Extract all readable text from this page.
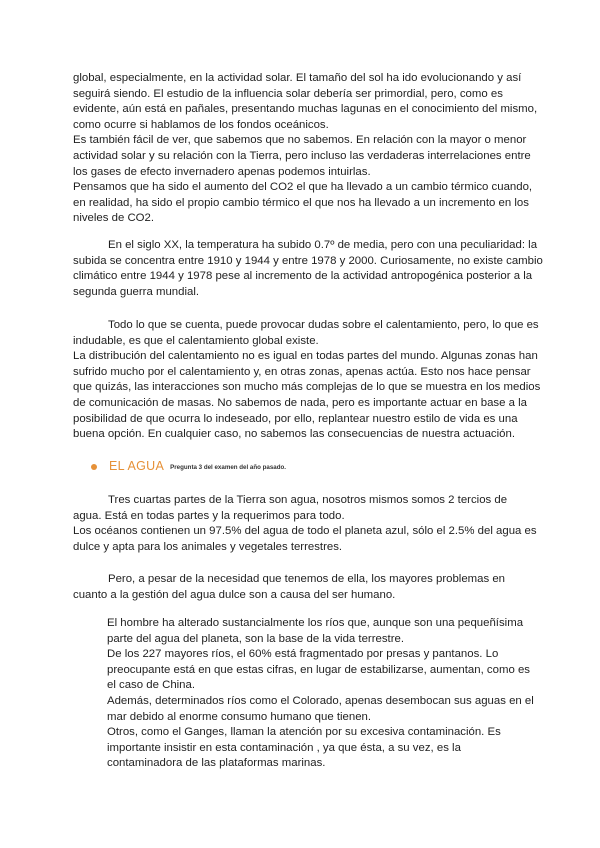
global, especialmente, en la actividad solar. El tamaño del sol ha ido evolucionando y así
seguirá siendo. El estudio de la influencia solar debería ser primordial, pero, como es
evidente, aún está en pañales, presentando muchas lagunas en el conocimiento del mismo,
como ocurre si hablamos de los fondos oceánicos.
Es también fácil de ver, que sabemos que no sabemos. En relación con la mayor o menor
actividad solar y su relación con la Tierra, pero incluso las verdaderas interrelaciones entre
los gases de efecto invernadero apenas podemos intuirlas.
Pensamos que ha sido el aumento del CO2 el que ha llevado a un cambio térmico cuando,
en realidad, ha sido el propio cambio térmico el que nos ha llevado a un incremento en los
niveles de CO2.
En el siglo XX, la temperatura ha subido 0.7º de media, pero con una peculiaridad: la
subida se concentra entre 1910 y 1944 y entre 1978 y 2000. Curiosamente, no existe cambio
climático entre 1944 y 1978 pese al incremento de la actividad antropogénica posterior a la
segunda guerra mundial.
Todo lo que se cuenta, puede provocar dudas sobre el calentamiento, pero, lo que es
indudable, es que el calentamiento global existe.
La distribución del calentamiento no es igual en todas partes del mundo. Algunas zonas han
sufrido mucho por el calentamiento y, en otras zonas, apenas actúa. Esto nos hace pensar
que quizás, las interacciones son mucho más complejas de lo que se muestra en los medios
de comunicación de masas. No sabemos de nada, pero es importante actuar en base a la
posibilidad de que ocurra lo indeseado, por ello, replantear nuestro estilo de vida es una
buena opción. En cualquier caso, no sabemos las consecuencias de nuestra actuación.
EL AGUA Pregunta 3 del examen del año pasado.
Tres cuartas partes de la Tierra son agua, nosotros mismos somos 2 tercios de
agua. Está en todas partes y la requerimos para todo.
Los océanos contienen un 97.5% del agua de todo el planeta azul, sólo el 2.5% del agua es
dulce y apta para los animales y vegetales terrestres.
Pero, a pesar de la necesidad que tenemos de ella, los mayores problemas en
cuanto a la gestión del agua dulce son a causa del ser humano.
El hombre ha alterado sustancialmente los ríos que, aunque son una pequeñísima
parte del agua del planeta, son la base de la vida terrestre.
De los 227 mayores ríos, el 60% está fragmentado por presas y pantanos. Lo
preocupante está en que estas cifras, en lugar de estabilizarse, aumentan, como es
el caso de China.
Además, determinados ríos como el Colorado, apenas desembocan sus aguas en el
mar debido al enorme consumo humano que tienen.
Otros, como el Ganges, llaman la atención por su excesiva contaminación. Es
importante insistir en esta contaminación , ya que ésta, a su vez, es la
contaminadora de las plataformas marinas.
